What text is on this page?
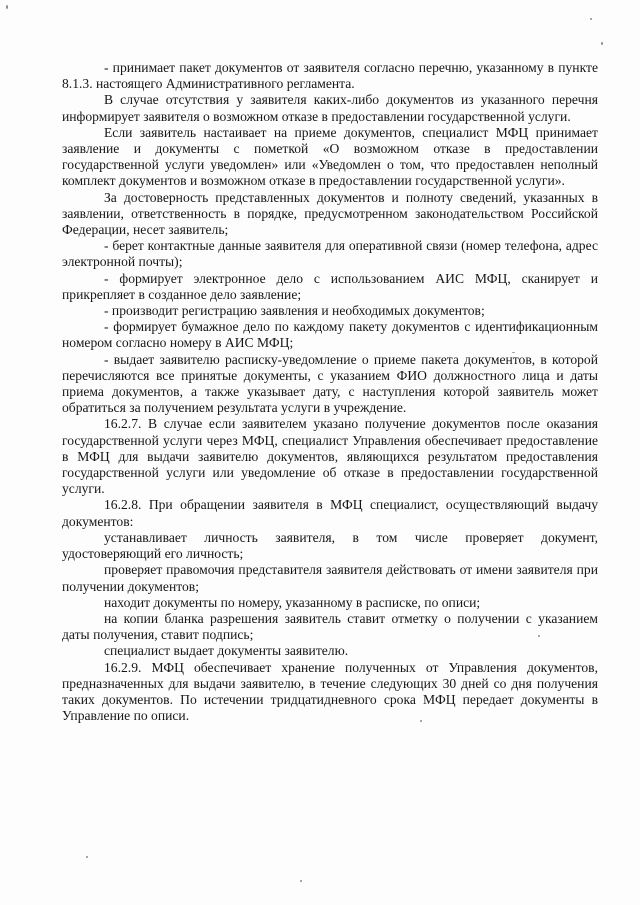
- принимает пакет документов от заявителя согласно перечню, указанному в пункте 8.1.3. настоящего Административного регламента.

В случае отсутствия у заявителя каких-либо документов из указанного перечня информирует заявителя о возможном отказе в предоставлении государственной услуги.

Если заявитель настаивает на приеме документов, специалист МФЦ принимает заявление и документы с пометкой «О возможном отказе в предоставлении государственной услуги уведомлен» или «Уведомлен о том, что предоставлен неполный комплект документов и возможном отказе в предоставлении государственной услуги».

За достоверность представленных документов и полноту сведений, указанных в заявлении, ответственность в порядке, предусмотренном законодательством Российской Федерации, несет заявитель;

- берет контактные данные заявителя для оперативной связи (номер телефона, адрес электронной почты);

- формирует электронное дело с использованием АИС МФЦ, сканирует и прикрепляет в созданное дело заявление;

- производит регистрацию заявления и необходимых документов;

- формирует бумажное дело по каждому пакету документов с идентификационным номером согласно номеру в АИС МФЦ;

- выдает заявителю расписку-уведомление о приеме пакета документов, в которой перечисляются все принятые документы, с указанием ФИО должностного лица и даты приема документов, а также указывает дату, с наступления которой заявитель может обратиться за получением результата услуги в учреждение.

16.2.7. В случае если заявителем указано получение документов после оказания государственной услуги через МФЦ, специалист Управления обеспечивает предоставление в МФЦ для выдачи заявителю документов, являющихся результатом предоставления государственной услуги или уведомление об отказе в предоставлении государственной услуги.

16.2.8. При обращении заявителя в МФЦ специалист, осуществляющий выдачу документов:

устанавливает личность заявителя, в том числе проверяет документ, удостоверяющий его личность;

проверяет правомочия представителя заявителя действовать от имени заявителя при получении документов;

находит документы по номеру, указанному в расписке, по описи;

на копии бланка разрешения заявитель ставит отметку о получении с указанием даты получения, ставит подпись;

специалист выдает документы заявителю.

16.2.9. МФЦ обеспечивает хранение полученных от Управления документов, предназначенных для выдачи заявителю, в течение следующих 30 дней со дня получения таких документов. По истечении тридцатидневного срока МФЦ передает документы в Управление по описи.
